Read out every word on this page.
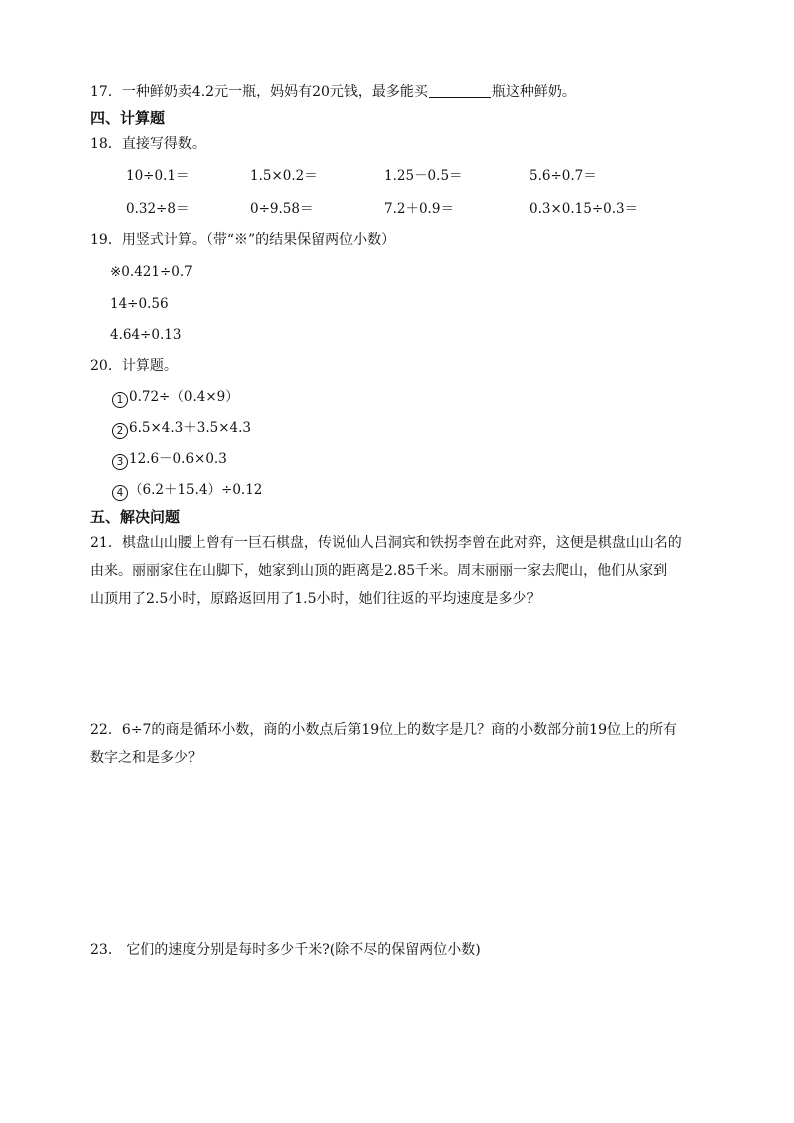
17．一种鲜奶卖4.2元一瓶，妈妈有20元钱，最多能买	瓶这种鲜奶。
四、计算题
18．直接写得数。
10÷0.1＝	1.5×0.2＝	1.25－0.5＝	5.6÷0.7＝
0.32÷8＝	0÷9.58＝	7.2＋0.9＝	0.3×0.15÷0.3＝
19．用竖式计算。（带“※”的结果保留两位小数）
※0.421÷0.7
14÷0.56
4.64÷0.13
20．计算题。
1 0.72÷（0.4×9）
2 6.5×4.3＋3.5×4.3
3 12.6－0.6×0.3
4 （6.2＋15.4）÷0.12
五、解决问题
21．棋盘山山腰上曾有一巨石棋盘，传说仙人吕洞宾和铁拐李曾在此对弈，这便是棋盘山山名的
由来。丽丽家住在山脚下，她家到山顶的距离是2.85千米。周末丽丽一家去爬山，他们从家到
山顶用了2.5小时，原路返回用了1.5小时，她们往返的平均速度是多少？
22．6÷7的商是循环小数，商的小数点后第19位上的数字是几？商的小数部分前19位上的所有
数字之和是多少？
23． 它们的速度分别是每时多少千米?(除不尽的保留两位小数)
